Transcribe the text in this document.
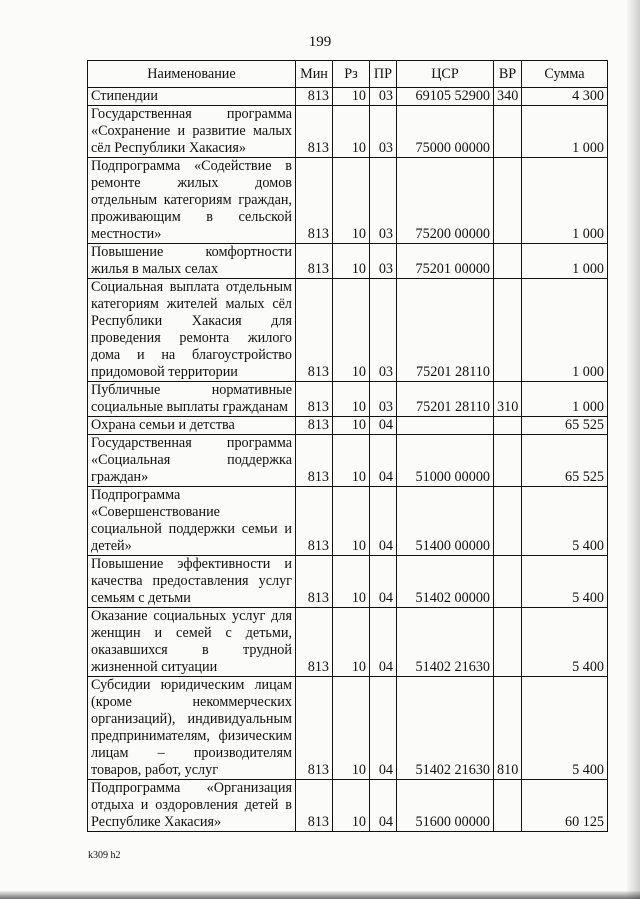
199
Наименование	Мин	Рз	ПР	ЦСР	ВР	Сумма
Стипендии	813	10	03	69105 52900	340	4 300
Государственная программа «Сохранение и развитие малых сёл Республики Хакасия»	813	10	03	75000 00000		1 000
Подпрограмма «Содействие в ремонте жилых домов отдельным категориям граждан, проживающим в сельской местности»	813	10	03	75200 00000		1 000
Повышение комфортности жилья в малых селах	813	10	03	75201 00000		1 000
Социальная выплата отдельным категориям жителей малых сёл Республики Хакасия для проведения ремонта жилого дома и на благоустройство придомовой территории	813	10	03	75201 28110		1 000
Публичные нормативные социальные выплаты гражданам	813	10	03	75201 28110	310	1 000
Охрана семьи и детства	813	10	04			65 525
Государственная программа «Социальная поддержка граждан»	813	10	04	51000 00000		65 525
Подпрограмма «Совершенствование социальной поддержки семьи и детей»	813	10	04	51400 00000		5 400
Повышение эффективности и качества предоставления услуг семьям с детьми	813	10	04	51402 00000		5 400
Оказание социальных услуг для женщин и семей с детьми, оказавшихся в трудной жизненной ситуации	813	10	04	51402 21630		5 400
Субсидии юридическим лицам (кроме некоммерческих организаций), индивидуальным предпринимателям, физическим лицам – производителям товаров, работ, услуг	813	10	04	51402 21630	810	5 400
Подпрограмма «Организация отдыха и оздоровления детей в Республике Хакасия»	813	10	04	51600 00000		60 125
k309 h2
